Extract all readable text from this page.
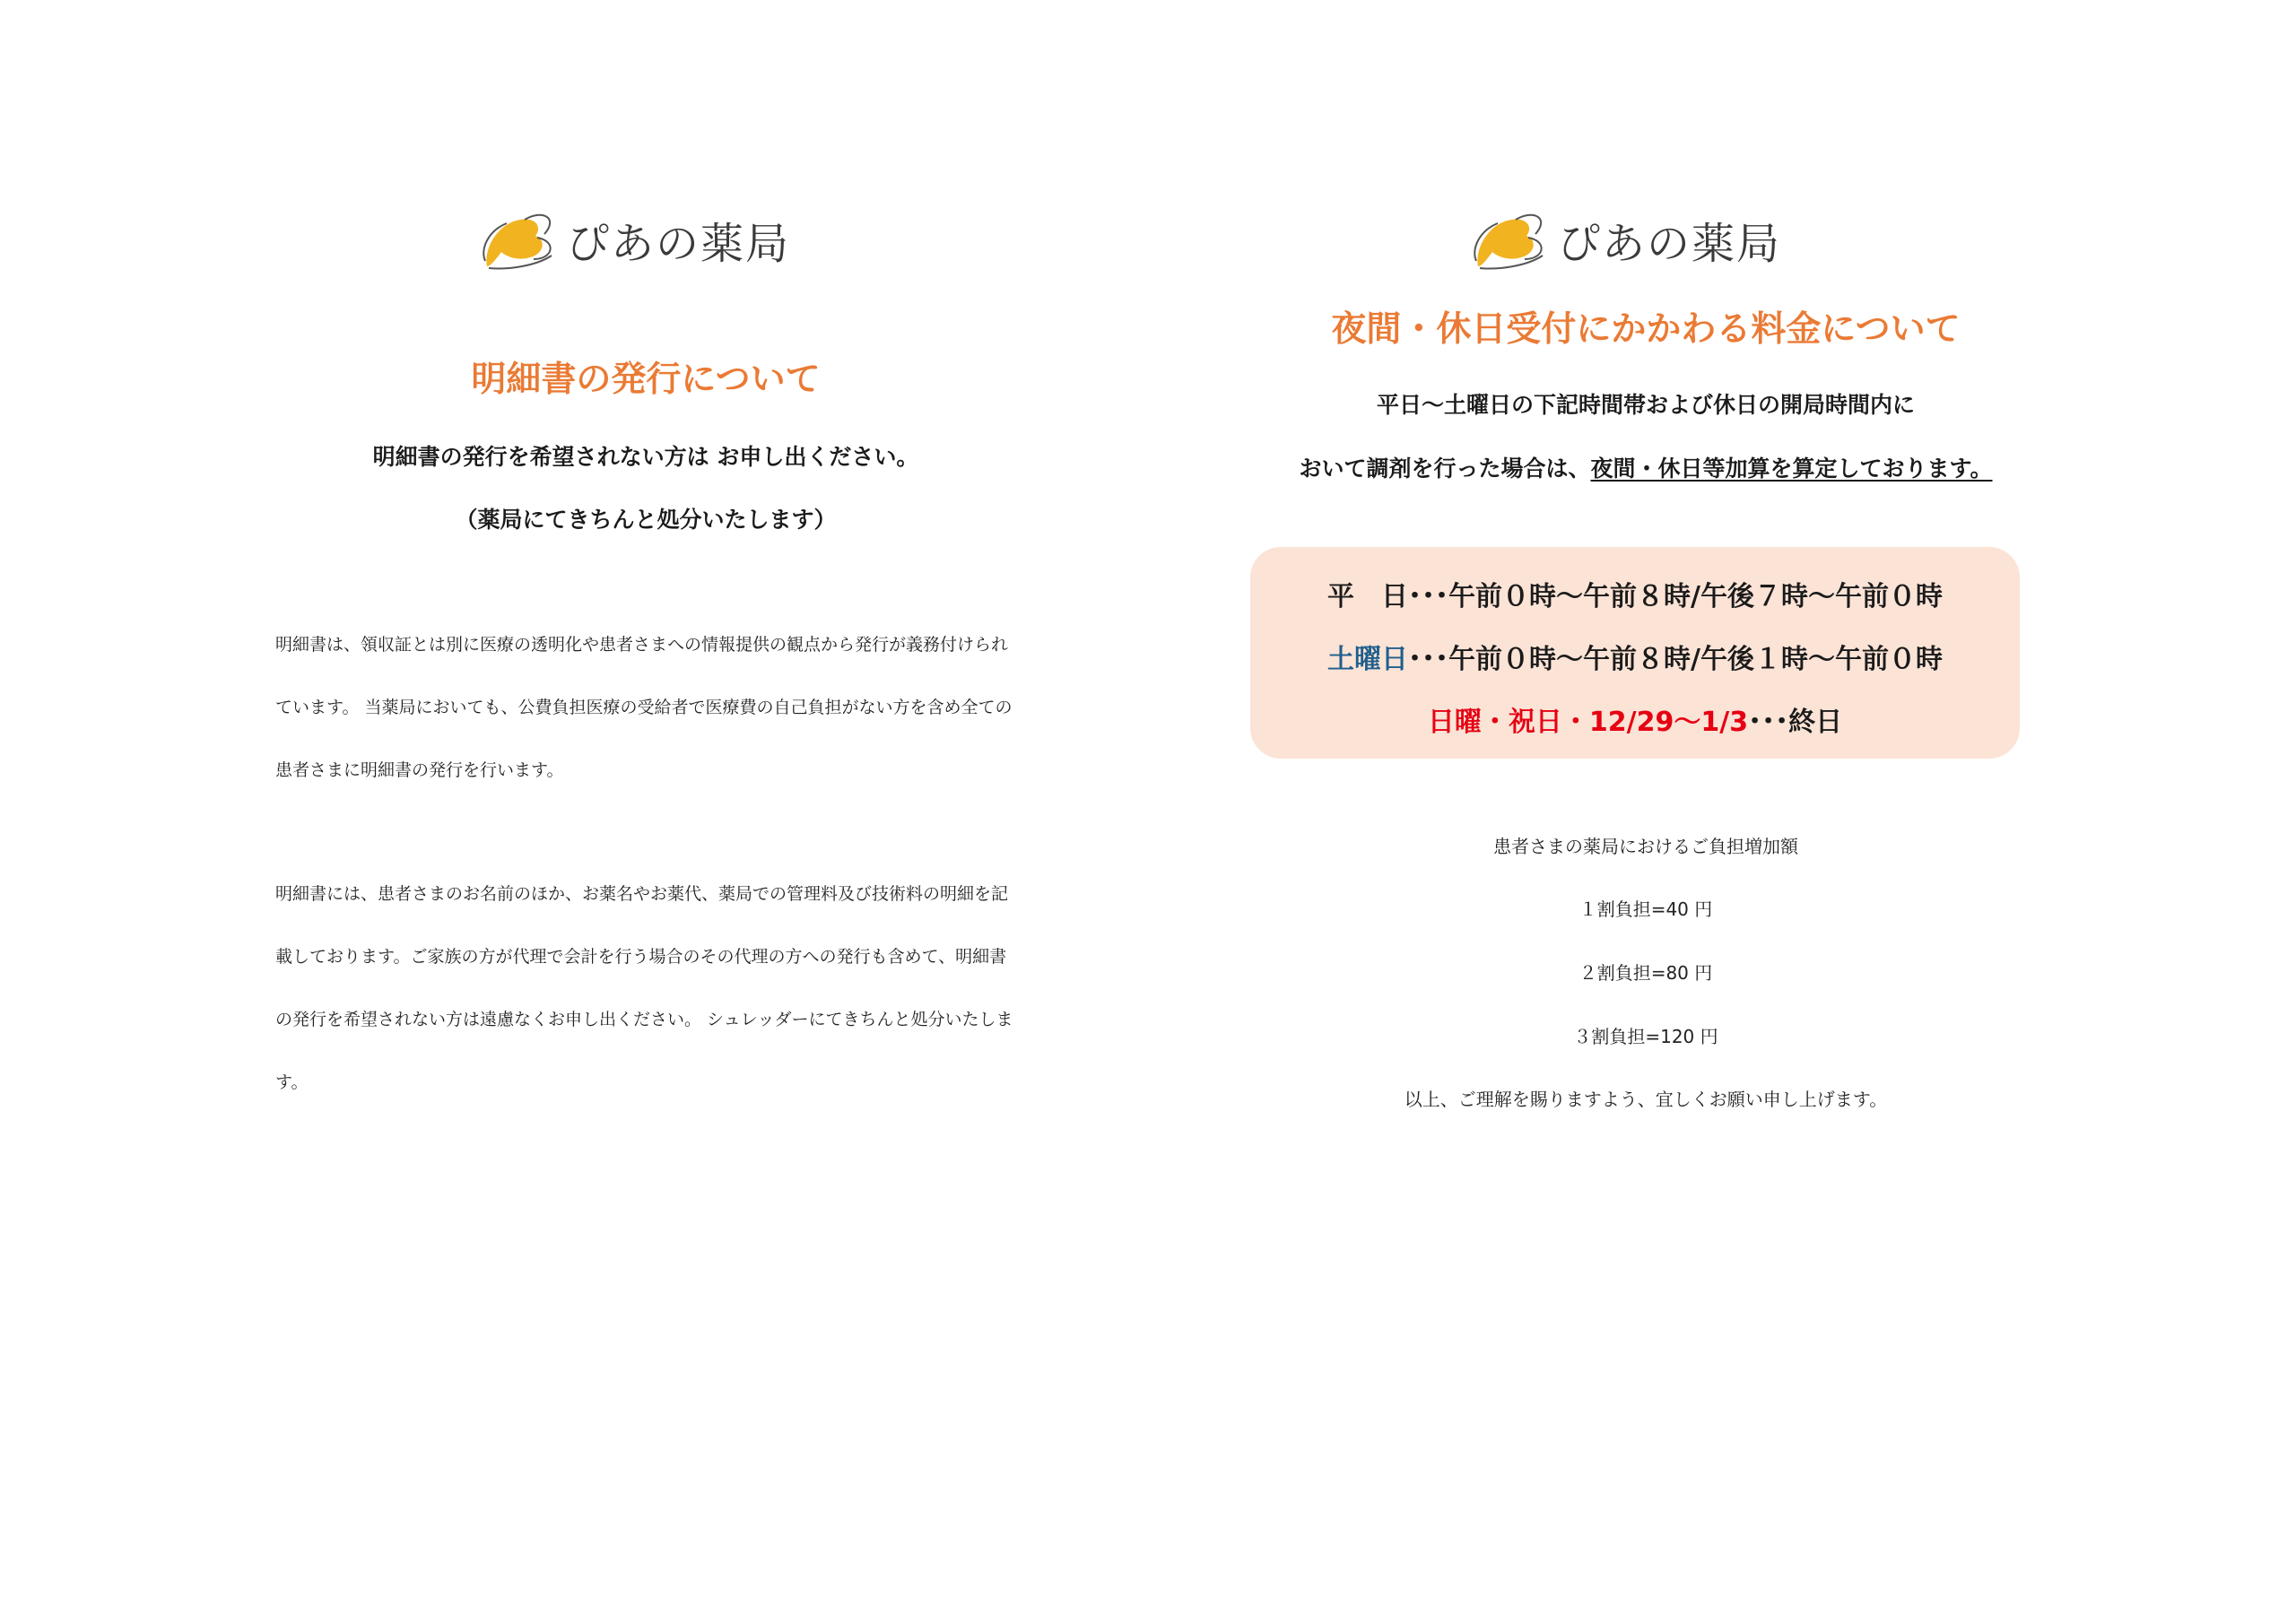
ぴあの薬局
明細書の発行について
明細書の発行を希望されない方は お申し出ください。
（薬局にてきちんと処分いたします）
明細書は、領収証とは別に医療の透明化や患者さまへの情報提供の観点から発行が義務付けられています。 当薬局においても、公費負担医療の受給者で医療費の自己負担がない方を含め全ての患者さまに明細書の発行を行います。
明細書には、患者さまのお名前のほか、お薬名やお薬代、薬局での管理料及び技術料の明細を記載しております。ご家族の方が代理で会計を行う場合のその代理の方への発行も含めて、明細書の発行を希望されない方は遠慮なくお申し出ください。 シュレッダーにてきちんと処分いたします。
ぴあの薬局
夜間・休日受付にかかわる料金について
平日～土曜日の下記時間帯および休日の開局時間内に
おいて調剤を行った場合は、夜間・休日等加算を算定しております。
平　日･･･午前０時～午前８時/午後７時～午前０時
土曜日･･･午前０時～午前８時/午後１時～午前０時
日曜・祝日・12/29～1/3･･･終日
患者さまの薬局におけるご負担増加額
１割負担=40 円
２割負担=80 円
３割負担=120 円
以上、ご理解を賜りますよう、宜しくお願い申し上げます。
